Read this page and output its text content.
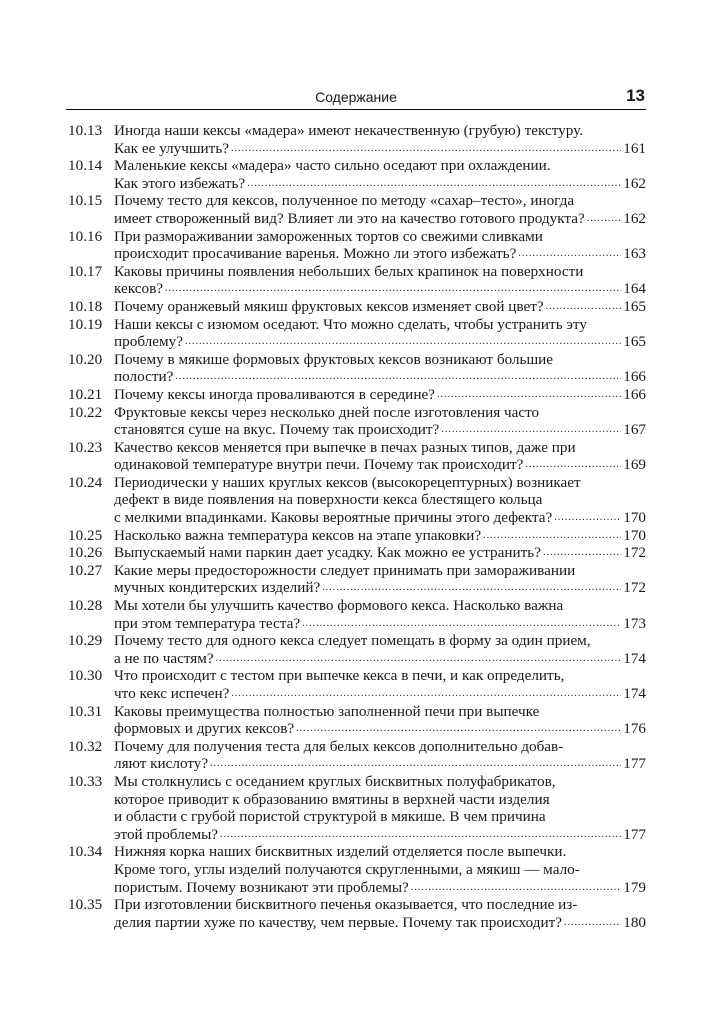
Содержание	13
10.13 Иногда наши кексы «мадера» имеют некачественную (грубую) текстуру.
Как ее улучшить? .....	161
10.14 Маленькие кексы «мадера» часто сильно оседают при охлаждении.
Как этого избежать? .....	162
10.15 Почему тесто для кексов, полученное по методу «сахар–тесто», иногда
имеет створоженный вид? Влияет ли это на качество готового продукта? .....	162
10.16 При размораживании замороженных тортов со свежими сливками
происходит просачивание варенья. Можно ли этого избежать? .....	163
10.17 Каковы причины появления небольших белых крапинок на поверхности
кексов? .....	164
10.18 Почему оранжевый мякиш фруктовых кексов изменяет свой цвет? .....	165
10.19 Наши кексы с изюмом оседают. Что можно сделать, чтобы устранить эту
проблему? .....	165
10.20 Почему в мякише формовых фруктовых кексов возникают большие
полости? .....	166
10.21 Почему кексы иногда проваливаются в середине? .....	166
10.22 Фруктовые кексы через несколько дней после изготовления часто
становятся суше на вкус. Почему так происходит? .....	167
10.23 Качество кексов меняется при выпечке в печах разных типов, даже при
одинаковой температуре внутри печи. Почему так происходит? .....	169
10.24 Периодически у наших круглых кексов (высокорецептурных) возникает
дефект в виде появления на поверхности кекса блестящего кольца
с мелкими впадинками. Каковы вероятные причины этого дефекта? .....	170
10.25 Насколько важна температура кексов на этапе упаковки? .....	170
10.26 Выпускаемый нами паркин дает усадку. Как можно ее устранить? .....	172
10.27 Какие меры предосторожности следует принимать при замораживании
мучных кондитерских изделий? .....	172
10.28 Мы хотели бы улучшить качество формового кекса. Насколько важна
при этом температура теста? .....	173
10.29 Почему тесто для одного кекса следует помещать в форму за один прием,
а не по частям? .....	174
10.30 Что происходит с тестом при выпечке кекса в печи, и как определить,
что кекс испечен? .....	174
10.31 Каковы преимущества полностью заполненной печи при выпечке
формовых и других кексов? .....	176
10.32 Почему для получения теста для белых кексов дополнительно добав-
ляют кислоту? .....	177
10.33 Мы столкнулись с оседанием круглых бисквитных полуфабрикатов,
которое приводит к образованию вмятины в верхней части изделия
и области с грубой пористой структурой в мякише. В чем причина
этой проблемы? .....	177
10.34 Нижняя корка наших бисквитных изделий отделяется после выпечки.
Кроме того, углы изделий получаются скругленными, а мякиш — мало-
пористым. Почему возникают эти проблемы? .....	179
10.35 При изготовлении бисквитного печенья оказывается, что последние из-
делия партии хуже по качеству, чем первые. Почему так происходит? .....	180
